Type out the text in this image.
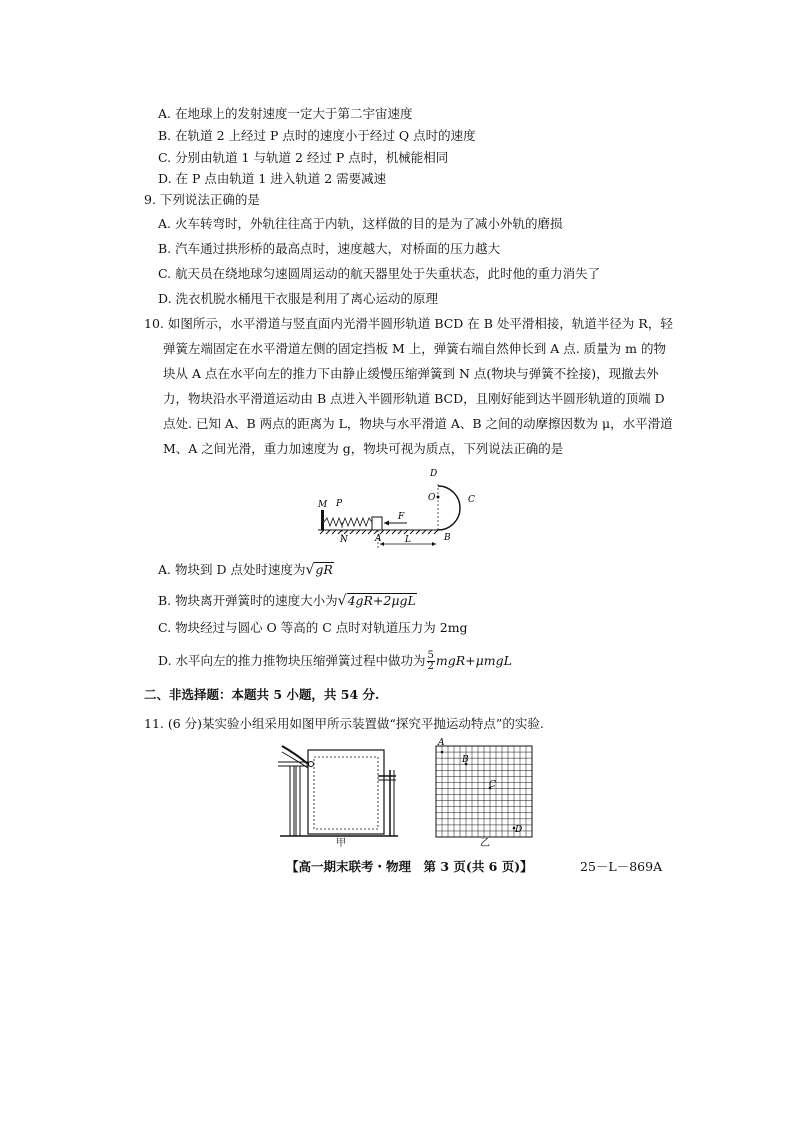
A. 在地球上的发射速度一定大于第二宇宙速度
B. 在轨道 2 上经过 P 点时的速度小于经过 Q 点时的速度
C. 分别由轨道 1 与轨道 2 经过 P 点时，机械能相同
D. 在 P 点由轨道 1 进入轨道 2 需要减速
9. 下列说法正确的是
A. 火车转弯时，外轨往往高于内轨，这样做的目的是为了减小外轨的磨损
B. 汽车通过拱形桥的最高点时，速度越大，对桥面的压力越大
C. 航天员在绕地球匀速圆周运动的航天器里处于失重状态，此时他的重力消失了
D. 洗衣机脱水桶甩干衣服是利用了离心运动的原理
10. 如图所示，水平滑道与竖直面内光滑半圆形轨道 BCD 在 B 处平滑相接，轨道半径为 R，轻
弹簧左端固定在水平滑道左侧的固定挡板 M 上，弹簧右端自然伸长到 A 点. 质量为 m 的物
块从 A 点在水平向左的推力下由静止缓慢压缩弹簧到 N 点(物块与弹簧不拴接)，现撤去外
力，物块沿水平滑道运动由 B 点进入半圆形轨道 BCD，且刚好能到达半圆形轨道的顶端 D
点处. 已知 A、B 两点的距离为 L，物块与水平滑道 A、B 之间的动摩擦因数为 μ，水平滑道
M、A 之间光滑，重力加速度为 g，物块可视为质点，下列说法正确的是
M P
N	A	B
C
D
O
F
L
A. 物块到 D 点处时速度为√gR
B. 物块离开弹簧时的速度大小为√4gR+2μgL
C. 物块经过与圆心 O 等高的 C 点时对轨道压力为 2mg
D. 水平向左的推力推物块压缩弹簧过程中做功为 $\frac{5}{2} mgR+\mu mgL$
二、非选择题：本题共 5 小题，共 54 分.
11. (6 分)某实验小组采用如图甲所示装置做“探究平抛运动特点”的实验.
甲
A
B
C
D
乙
【高一期末联考・物理　第 3 页(共 6 页)】	25－L－869A
